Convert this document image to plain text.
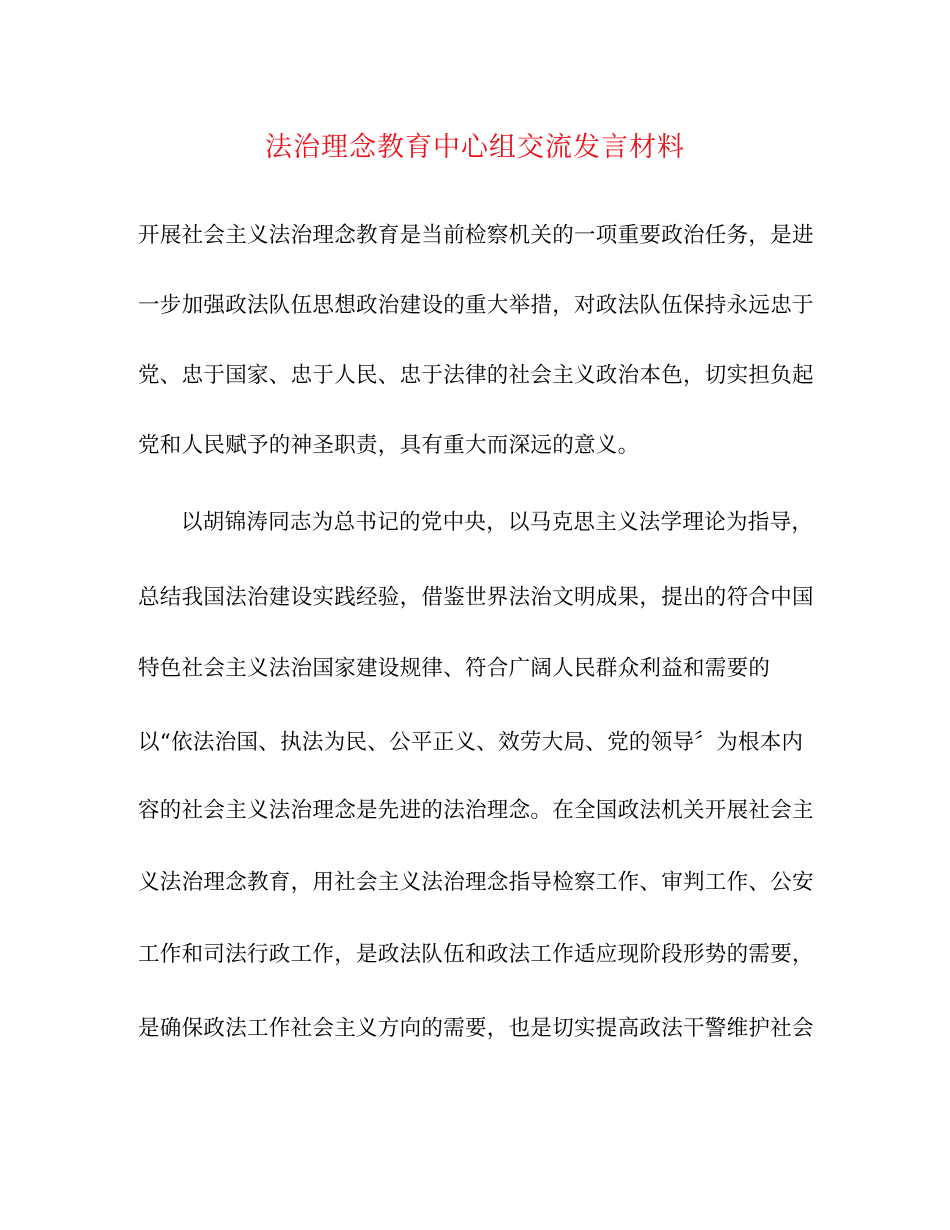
法治理念教育中心组交流发言材料
开展社会主义法治理念教育是当前检察机关的一项重要政治任务，是进
一步加强政法队伍思想政治建设的重大举措，对政法队伍保持永远忠于
党、忠于国家、忠于人民、忠于法律的社会主义政治本色，切实担负起
党和人民赋予的神圣职责，具有重大而深远的意义。
以胡锦涛同志为总书记的党中央，以马克思主义法学理论为指导，
总结我国法治建设实践经验，借鉴世界法治文明成果，提出的符合中国
特色社会主义法治国家建设规律、符合广阔人民群众利益和需要的
以“依法治国、执法为民、公平正义、效劳大局、党的领导〞为根本内
容的社会主义法治理念是先进的法治理念。在全国政法机关开展社会主
义法治理念教育，用社会主义法治理念指导检察工作、审判工作、公安
工作和司法行政工作，是政法队伍和政法工作适应现阶段形势的需要，
是确保政法工作社会主义方向的需要，也是切实提高政法干警维护社会
